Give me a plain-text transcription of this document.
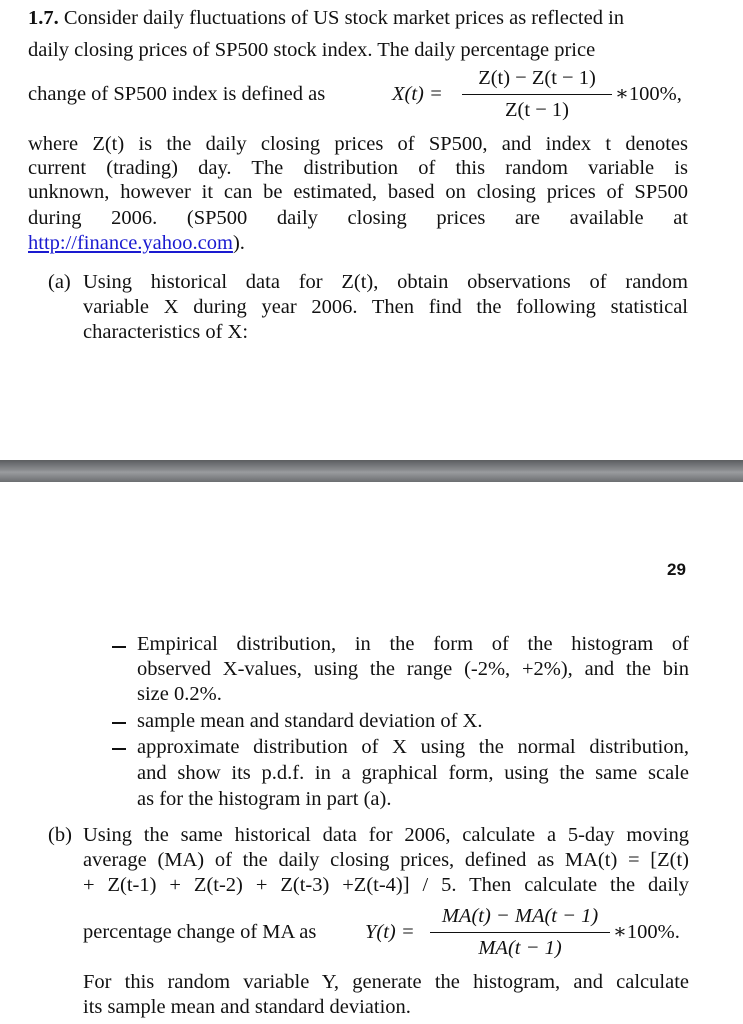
1.7. Consider daily fluctuations of US stock market prices as reflected in
daily closing prices of SP500 stock index. The daily percentage price
change of SP500 index is defined as	X(t) =
Z(t) − Z(t − 1)
Z(t − 1)
∗100%,
where Z(t) is the daily closing prices of SP500, and index t denotes
current (trading) day. The distribution of this random variable is
unknown, however it can be estimated, based on closing prices of SP500
during 2006. (SP500 daily closing prices are available at
http://finance.yahoo.com).
(a) Using historical data for Z(t), obtain observations of random
variable X during year 2006. Then find the following statistical
characteristics of X:
29
Empirical distribution, in the form of the histogram of
observed X-values, using the range (-2%, +2%), and the bin
size 0.2%.
sample mean and standard deviation of X.
approximate distribution of X using the normal distribution,
and show its p.d.f. in a graphical form, using the same scale
as for the histogram in part (a).
(b) Using the same historical data for 2006, calculate a 5-day moving
average (MA) of the daily closing prices, defined as MA(t) = [Z(t)
+ Z(t-1) + Z(t-2) + Z(t-3) +Z(t-4)] / 5. Then calculate the daily
percentage change of MA as Y(t) =
MA(t) − MA(t − 1)
MA(t − 1)
∗100%.
For this random variable Y, generate the histogram, and calculate
its sample mean and standard deviation.
